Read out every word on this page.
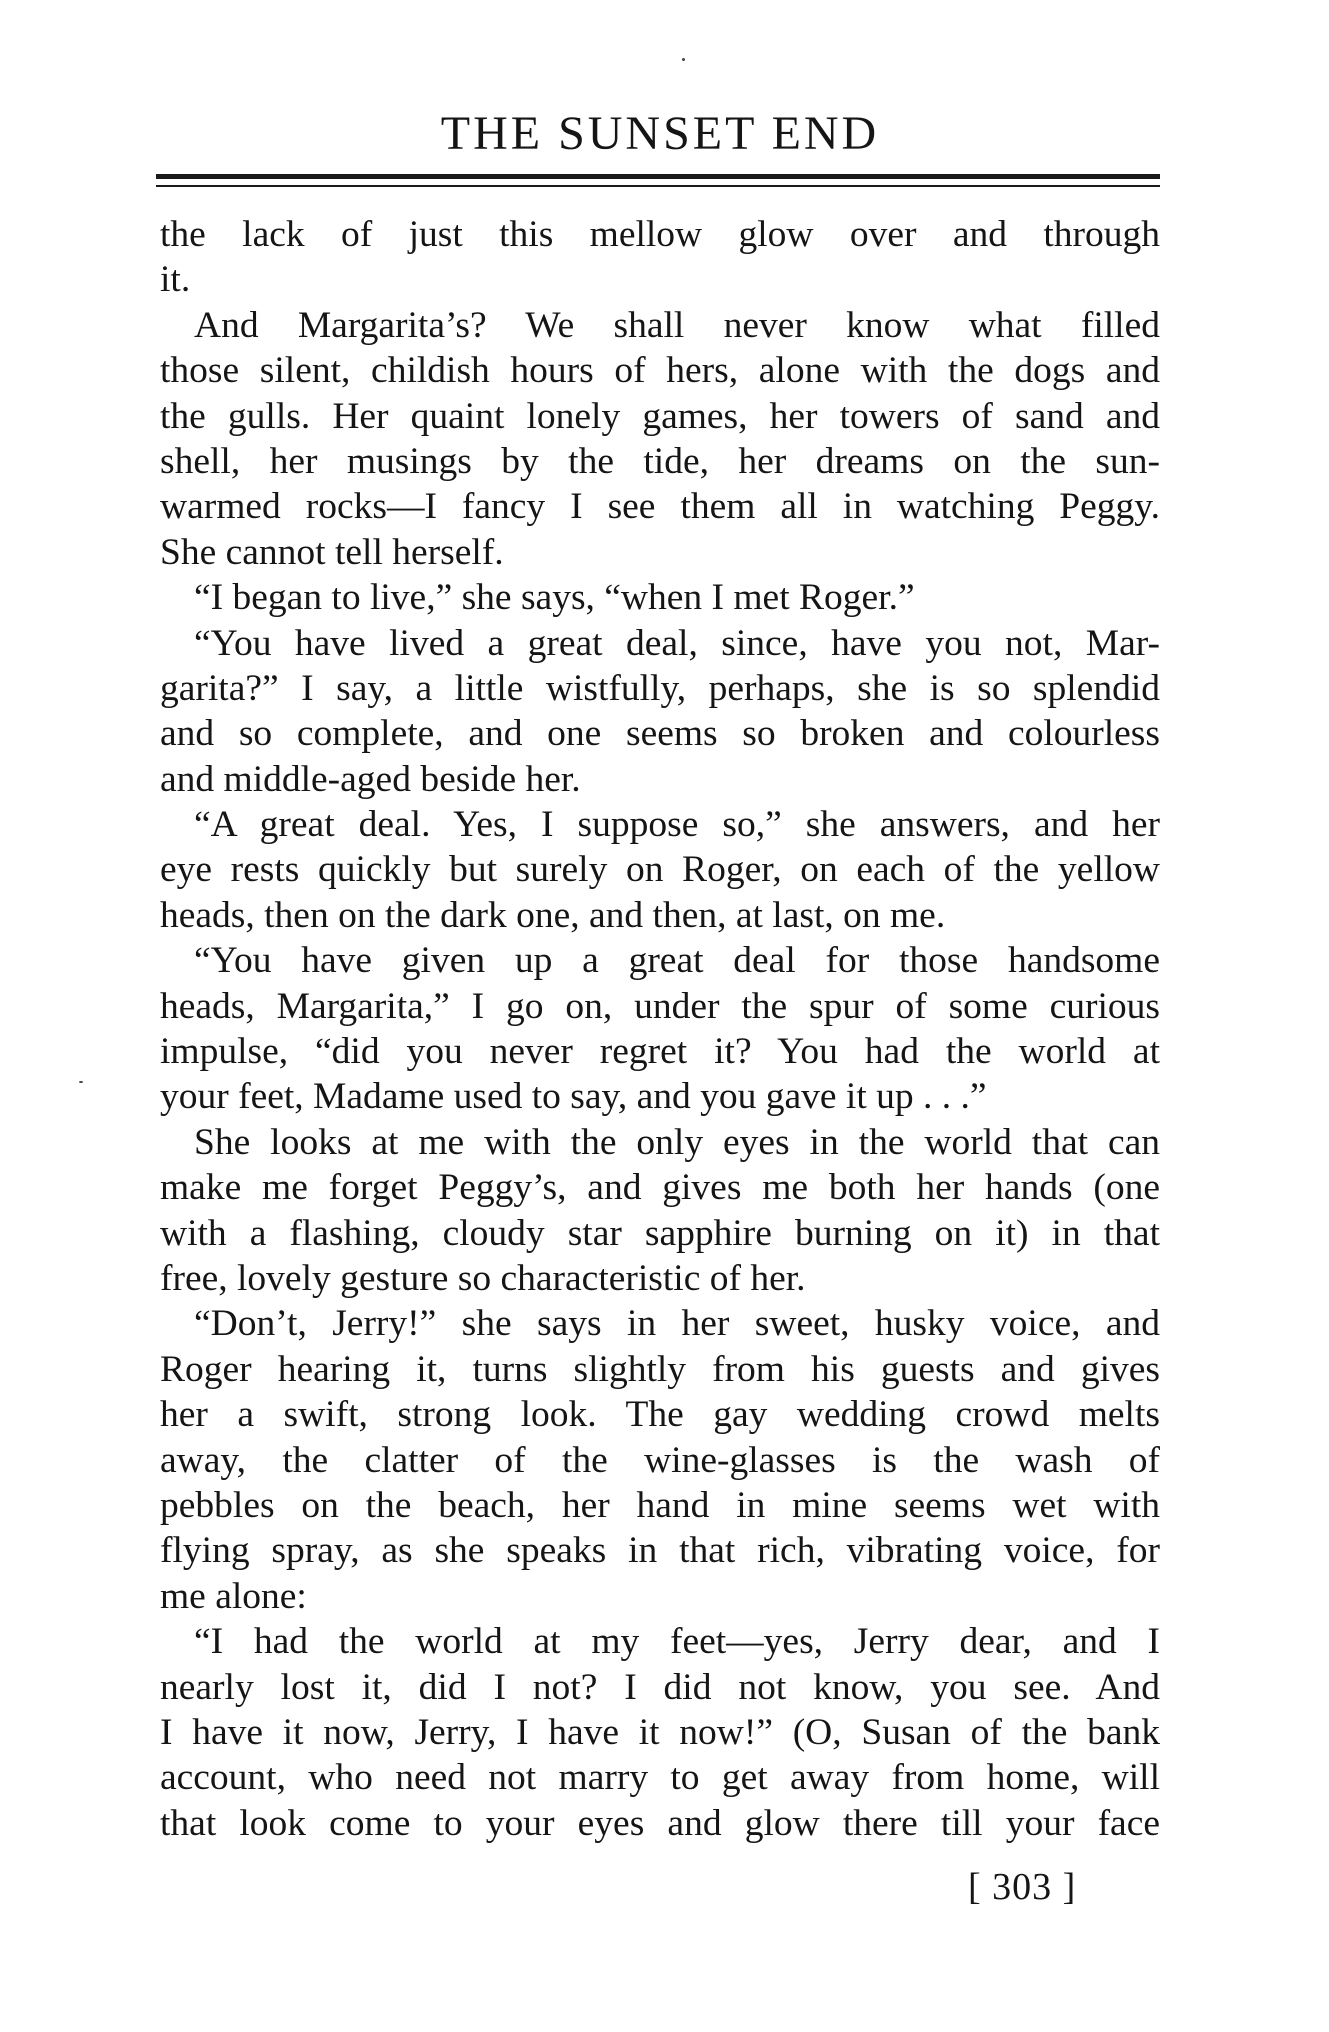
THE SUNSET END
the lack of just this mellow glow over and through
it.
And Margarita’s? We shall never know what filled
those silent, childish hours of hers, alone with the dogs and
the gulls. Her quaint lonely games, her towers of sand and
shell, her musings by the tide, her dreams on the sun-
warmed rocks—I fancy I see them all in watching Peggy.
She cannot tell herself.
“I began to live,” she says, “when I met Roger.”
“You have lived a great deal, since, have you not, Mar-
garita?” I say, a little wistfully, perhaps, she is so splendid
and so complete, and one seems so broken and colourless
and middle-aged beside her.
“A great deal. Yes, I suppose so,” she answers, and her
eye rests quickly but surely on Roger, on each of the yellow
heads, then on the dark one, and then, at last, on me.
“You have given up a great deal for those handsome
heads, Margarita,” I go on, under the spur of some curious
impulse, “did you never regret it? You had the world at
your feet, Madame used to say, and you gave it up . . .”
She looks at me with the only eyes in the world that can
make me forget Peggy’s, and gives me both her hands (one
with a flashing, cloudy star sapphire burning on it) in that
free, lovely gesture so characteristic of her.
“Don’t, Jerry!” she says in her sweet, husky voice, and
Roger hearing it, turns slightly from his guests and gives
her a swift, strong look. The gay wedding crowd melts
away, the clatter of the wine-glasses is the wash of
pebbles on the beach, her hand in mine seems wet with
flying spray, as she speaks in that rich, vibrating voice, for
me alone:
“I had the world at my feet—yes, Jerry dear, and I
nearly lost it, did I not? I did not know, you see. And
I have it now, Jerry, I have it now!” (O, Susan of the bank
account, who need not marry to get away from home, will
that look come to your eyes and glow there till your face
[ 303 ]
